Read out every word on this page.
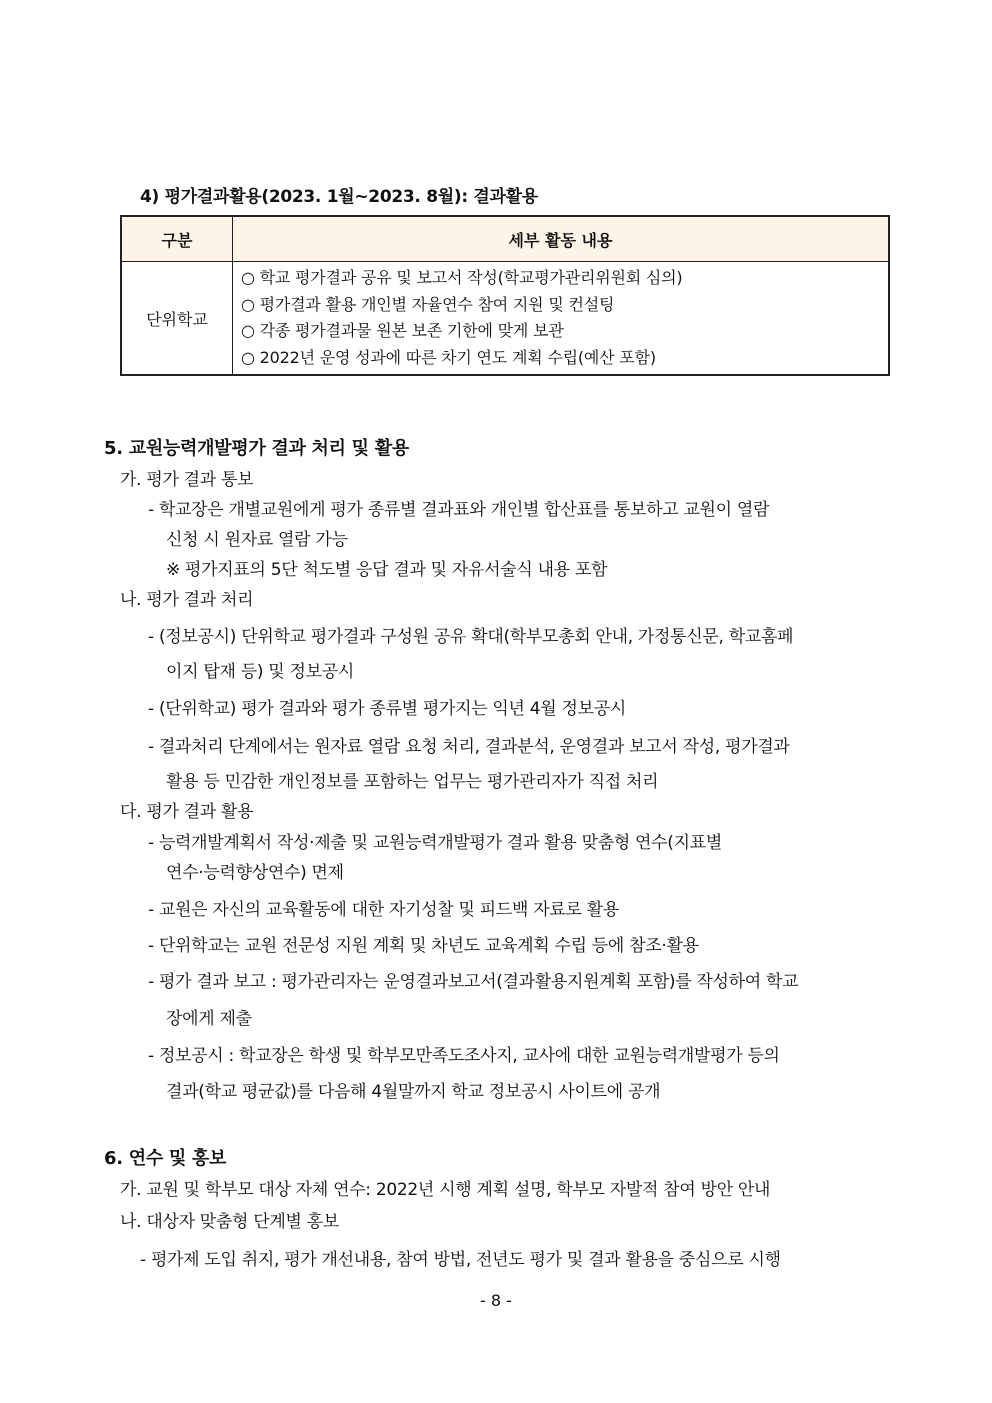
4) 평가결과활용(2023. 1월~2023. 8월): 결과활용
구분	세부 활동 내용
단위학교	○ 학교 평가결과 공유 및 보고서 작성(학교평가관리위원회 심의)
○ 평가결과 활용 개인별 자율연수 참여 지원 및 컨설팅
○ 각종 평가결과물 원본 보존 기한에 맞게 보관
○ 2022년 운영 성과에 따른 차기 연도 계획 수립(예산 포함)
5. 교원능력개발평가 결과 처리 및 활용
가. 평가 결과 통보
- 학교장은 개별교원에게 평가 종류별 결과표와 개인별 합산표를 통보하고 교원이 열람
신청 시 원자료 열람 가능
※ 평가지표의 5단 척도별 응답 결과 및 자유서술식 내용 포함
나. 평가 결과 처리
- (정보공시) 단위학교 평가결과 구성원 공유 확대(학부모총회 안내, 가정통신문, 학교홈페
이지 탑재 등) 및 정보공시
- (단위학교) 평가 결과와 평가 종류별 평가지는 익년 4월 정보공시
- 결과처리 단계에서는 원자료 열람 요청 처리, 결과분석, 운영결과 보고서 작성, 평가결과
활용 등 민감한 개인정보를 포함하는 업무는 평가관리자가 직접 처리
다. 평가 결과 활용
- 능력개발계획서 작성·제출 및 교원능력개발평가 결과 활용 맞춤형 연수(지표별
연수·능력향상연수) 면제
- 교원은 자신의 교육활동에 대한 자기성찰 및 피드백 자료로 활용
- 단위학교는 교원 전문성 지원 계획 및 차년도 교육계획 수립 등에 참조·활용
- 평가 결과 보고 : 평가관리자는 운영결과보고서(결과활용지원계획 포함)를 작성하여 학교
장에게 제출
- 정보공시 : 학교장은 학생 및 학부모만족도조사지, 교사에 대한 교원능력개발평가 등의
결과(학교 평균값)를 다음해 4월말까지 학교 정보공시 사이트에 공개
6. 연수 및 홍보
가. 교원 및 학부모 대상 자체 연수: 2022년 시행 계획 설명, 학부모 자발적 참여 방안 안내
나. 대상자 맞춤형 단계별 홍보
- 평가제 도입 취지, 평가 개선내용, 참여 방법, 전년도 평가 및 결과 활용을 중심으로 시행
- 8 -
